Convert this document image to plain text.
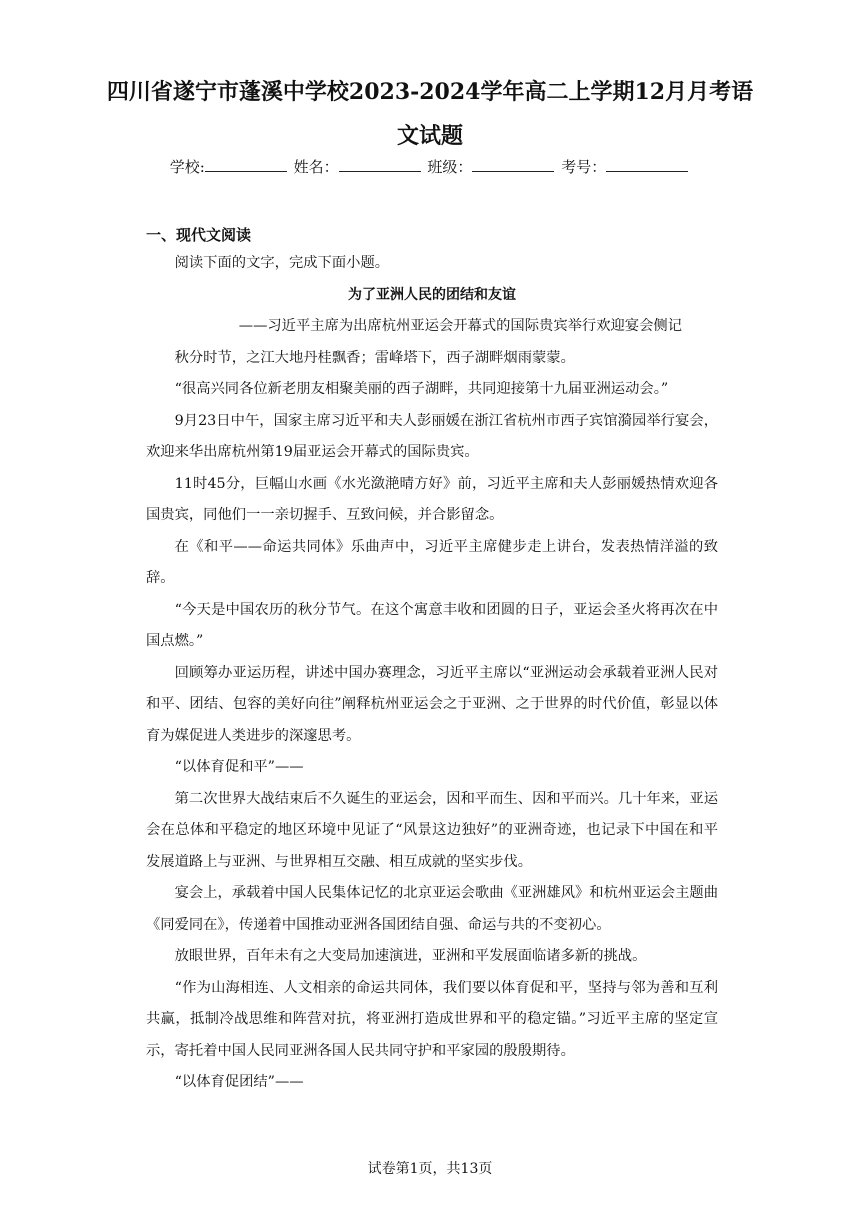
四川省遂宁市蓬溪中学校2023-2024学年高二上学期12月月考语文试题
学校:	姓名：	班级：	考号：
一、现代文阅读

阅读下面的文字，完成下面小题。

为了亚洲人民的团结和友谊

——习近平主席为出席杭州亚运会开幕式的国际贵宾举行欢迎宴会侧记

秋分时节，之江大地丹桂飘香；雷峰塔下，西子湖畔烟雨蒙蒙。

“很高兴同各位新老朋友相聚美丽的西子湖畔，共同迎接第十九届亚洲运动会。”

9月23日中午，国家主席习近平和夫人彭丽媛在浙江省杭州市西子宾馆漪园举行宴会，欢迎来华出席杭州第19届亚运会开幕式的国际贵宾。

11时45分，巨幅山水画《水光潋滟晴方好》前，习近平主席和夫人彭丽媛热情欢迎各国贵宾，同他们一一亲切握手、互致问候，并合影留念。

在《和平——命运共同体》乐曲声中，习近平主席健步走上讲台，发表热情洋溢的致辞。

“今天是中国农历的秋分节气。在这个寓意丰收和团圆的日子，亚运会圣火将再次在中国点燃。”

回顾筹办亚运历程，讲述中国办赛理念，习近平主席以“亚洲运动会承载着亚洲人民对和平、团结、包容的美好向往”阐释杭州亚运会之于亚洲、之于世界的时代价值，彰显以体育为媒促进人类进步的深邃思考。

“以体育促和平”——

第二次世界大战结束后不久诞生的亚运会，因和平而生、因和平而兴。几十年来，亚运会在总体和平稳定的地区环境中见证了“风景这边独好”的亚洲奇迹，也记录下中国在和平发展道路上与亚洲、与世界相互交融、相互成就的坚实步伐。

宴会上，承载着中国人民集体记忆的北京亚运会歌曲《亚洲雄风》和杭州亚运会主题曲《同爱同在》，传递着中国推动亚洲各国团结自强、命运与共的不变初心。

放眼世界，百年未有之大变局加速演进，亚洲和平发展面临诸多新的挑战。

“作为山海相连、人文相亲的命运共同体，我们要以体育促和平，坚持与邻为善和互利共赢，抵制冷战思维和阵营对抗，将亚洲打造成世界和平的稳定锚。”习近平主席的坚定宣示，寄托着中国人民同亚洲各国人民共同守护和平家园的殷殷期待。

“以体育促团结”——

试卷第1页，共13页
